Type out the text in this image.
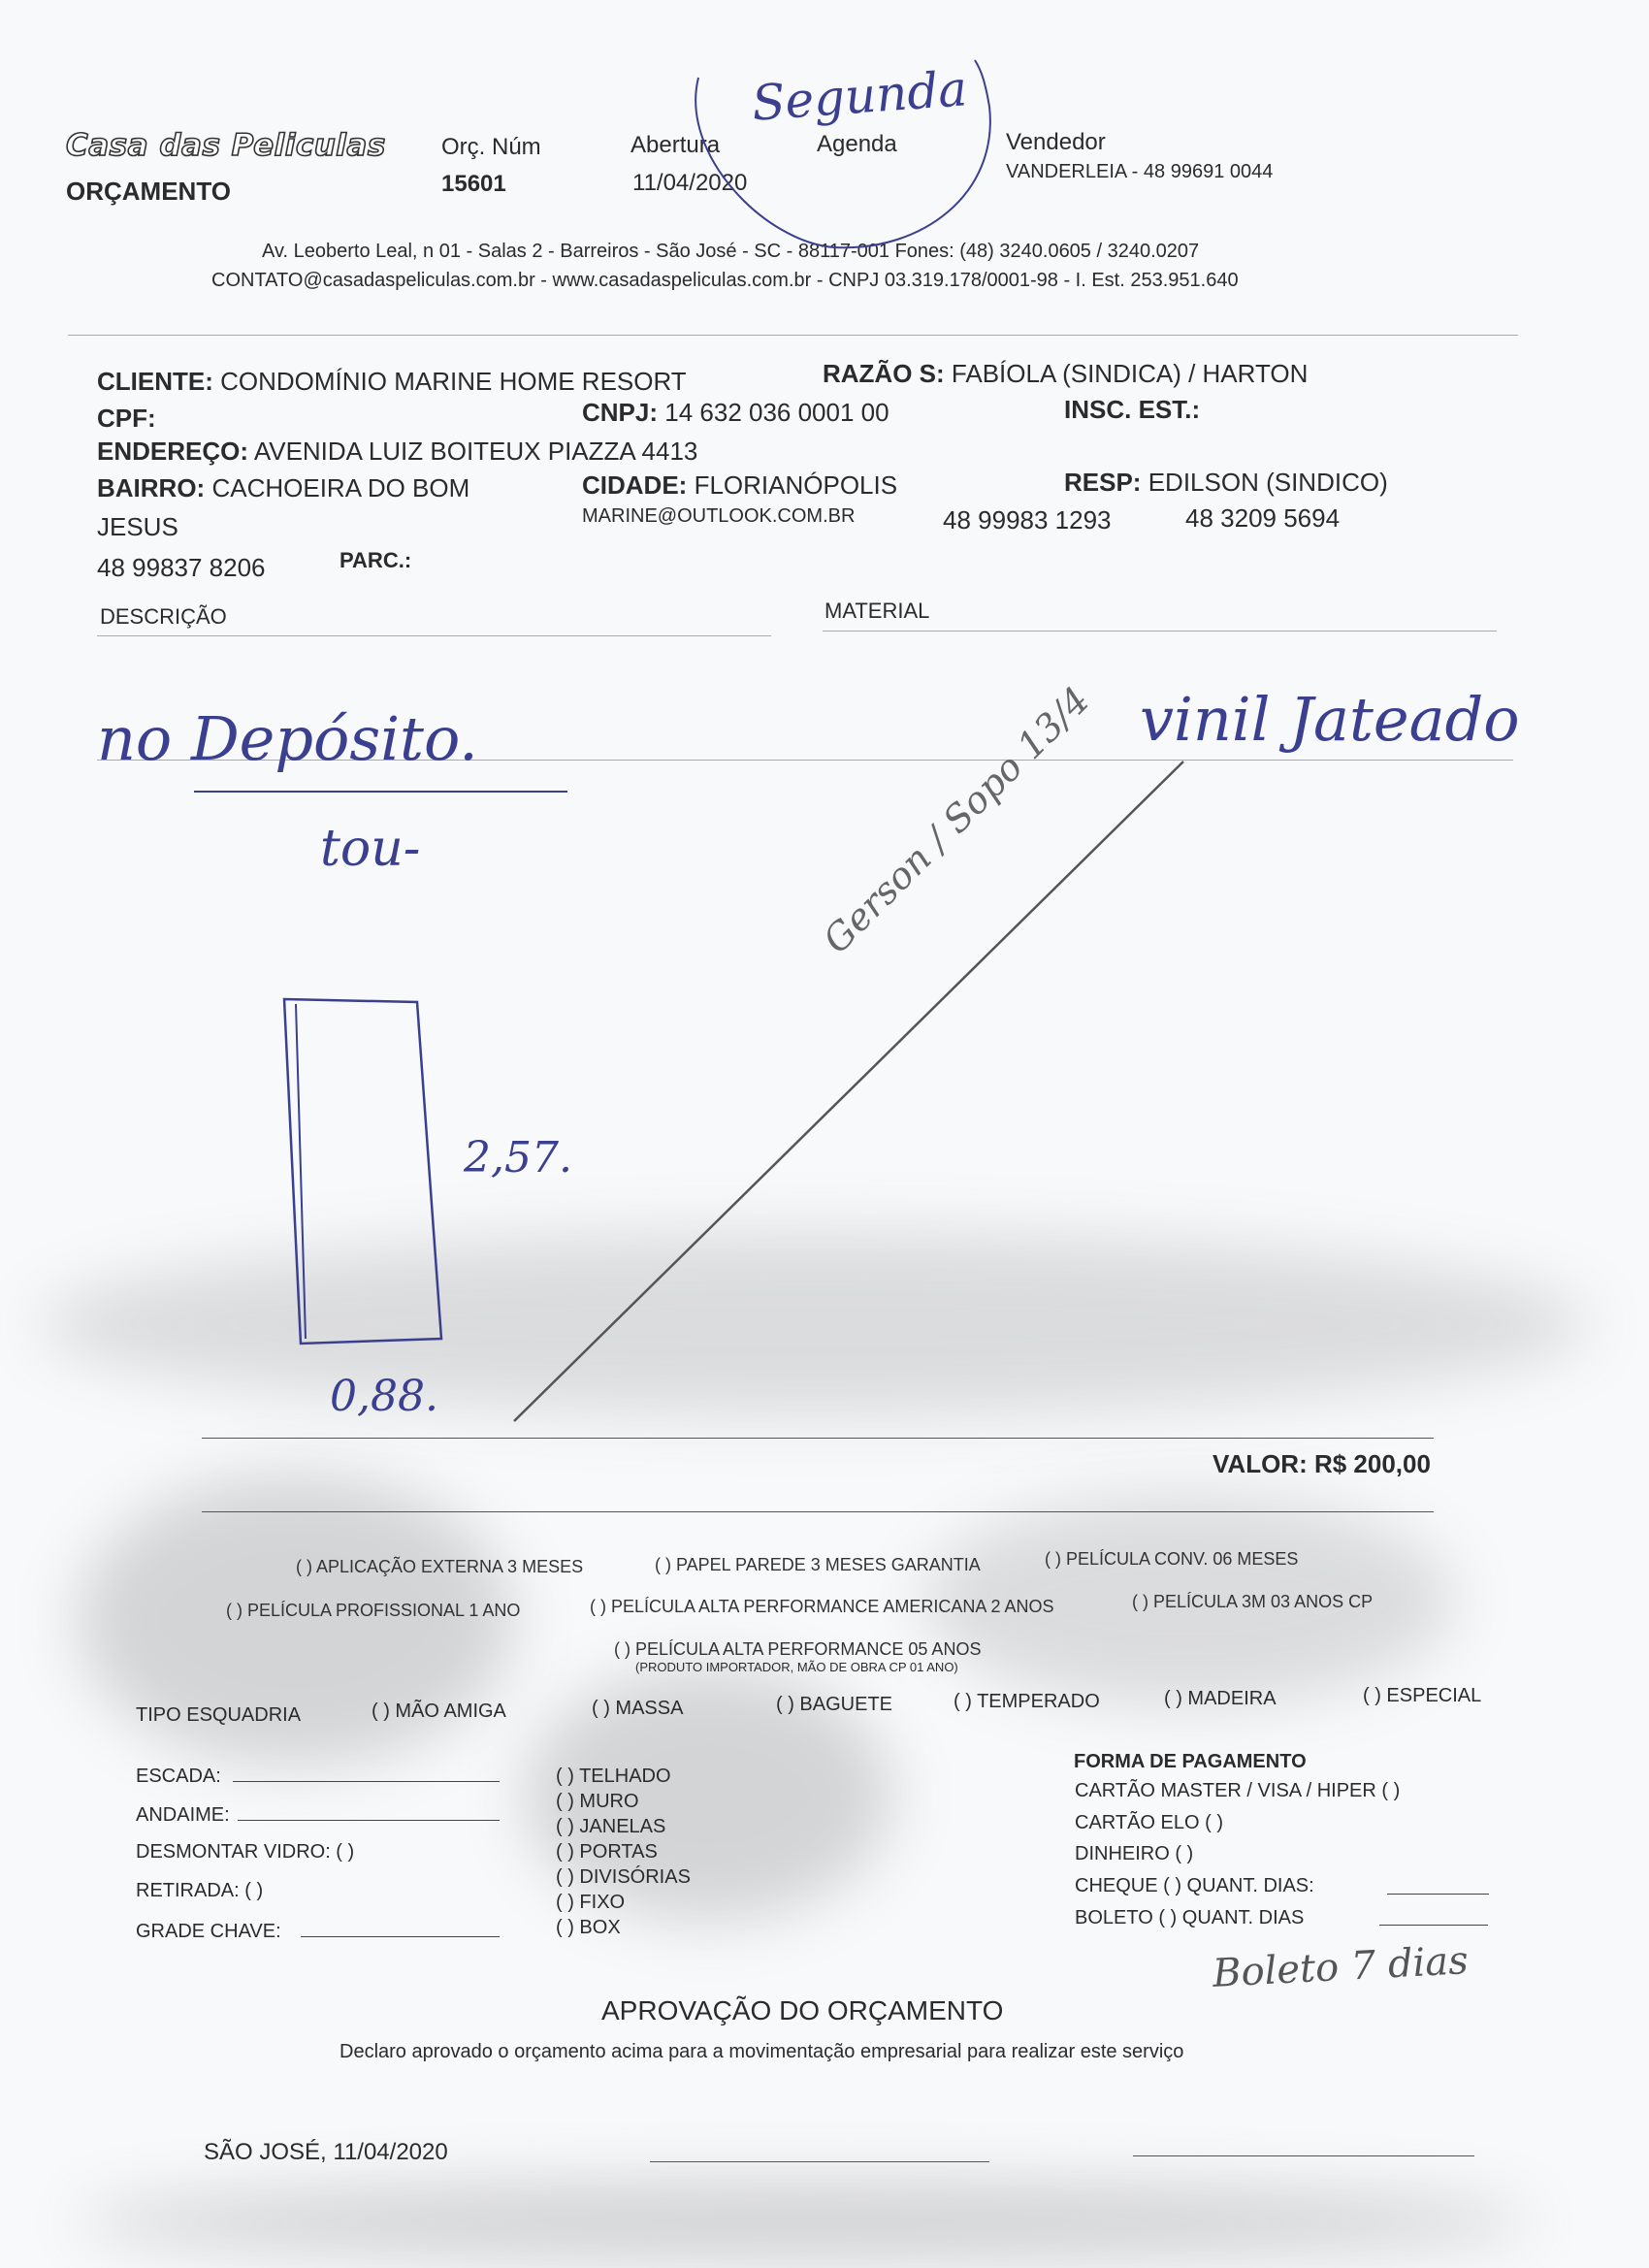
Casa das Peliculas
ORÇAMENTO
Orç. Núm
15601
Abertura
11/04/2020
Agenda
Segunda
Vendedor
VANDERLEIA - 48 99691 0044
Av. Leoberto Leal, n 01 - Salas 2 - Barreiros - São José - SC - 88117-001 Fones: (48) 3240.0605 / 3240.0207
CONTATO@casadaspeliculas.com.br - www.casadaspeliculas.com.br - CNPJ 03.319.178/0001-98 - I. Est. 253.951.640
CLIENTE: CONDOMÍNIO MARINE HOME RESORT	RAZÃO S: FABÍOLA (SINDICA) / HARTON
CPF:	CNPJ: 14 632 036 0001 00	INSC. EST.:
ENDEREÇO: AVENIDA LUIZ BOITEUX PIAZZA 4413
BAIRRO: CACHOEIRA DO BOM
JESUS
CIDADE: FLORIANÓPOLIS	RESP: EDILSON (SINDICO)
MARINE@OUTLOOK.COM.BR	48 99983 1293	48 3209 5694
48 99837 8206	PARC.:
DESCRIÇÃO	MATERIAL
no Depósito.
tou-
vinil Jateado
Gerson / Sopo 13/4
2,57.
0,88.
VALOR: R$ 200,00
( ) APLICAÇÃO EXTERNA 3 MESES	( ) PAPEL PAREDE 3 MESES GARANTIA	( ) PELÍCULA CONV. 06 MESES
( ) PELÍCULA PROFISSIONAL 1 ANO	( ) PELÍCULA ALTA PERFORMANCE AMERICANA 2 ANOS	( ) PELÍCULA 3M 03 ANOS CP
( ) PELÍCULA ALTA PERFORMANCE 05 ANOS
(PRODUTO IMPORTADOR, MÃO DE OBRA CP 01 ANO)
TIPO ESQUADRIA	( ) MÃO AMIGA	( ) MASSA	( ) BAGUETE	( ) TEMPERADO	( ) MADEIRA	( ) ESPECIAL
ESCADA:
ANDAIME:
DESMONTAR VIDRO: ( )
RETIRADA: ( )
GRADE CHAVE:
( ) TELHADO
( ) MURO
( ) JANELAS
( ) PORTAS
( ) DIVISÓRIAS
( ) FIXO
( ) BOX
FORMA DE PAGAMENTO
CARTÃO MASTER / VISA / HIPER ( )
CARTÃO ELO ( )
DINHEIRO ( )
CHEQUE ( ) QUANT. DIAS:
BOLETO ( ) QUANT. DIAS
Boleto 7 dias
APROVAÇÃO DO ORÇAMENTO
Declaro aprovado o orçamento acima para a movimentação empresarial para realizar este serviço
SÃO JOSÉ, 11/04/2020
